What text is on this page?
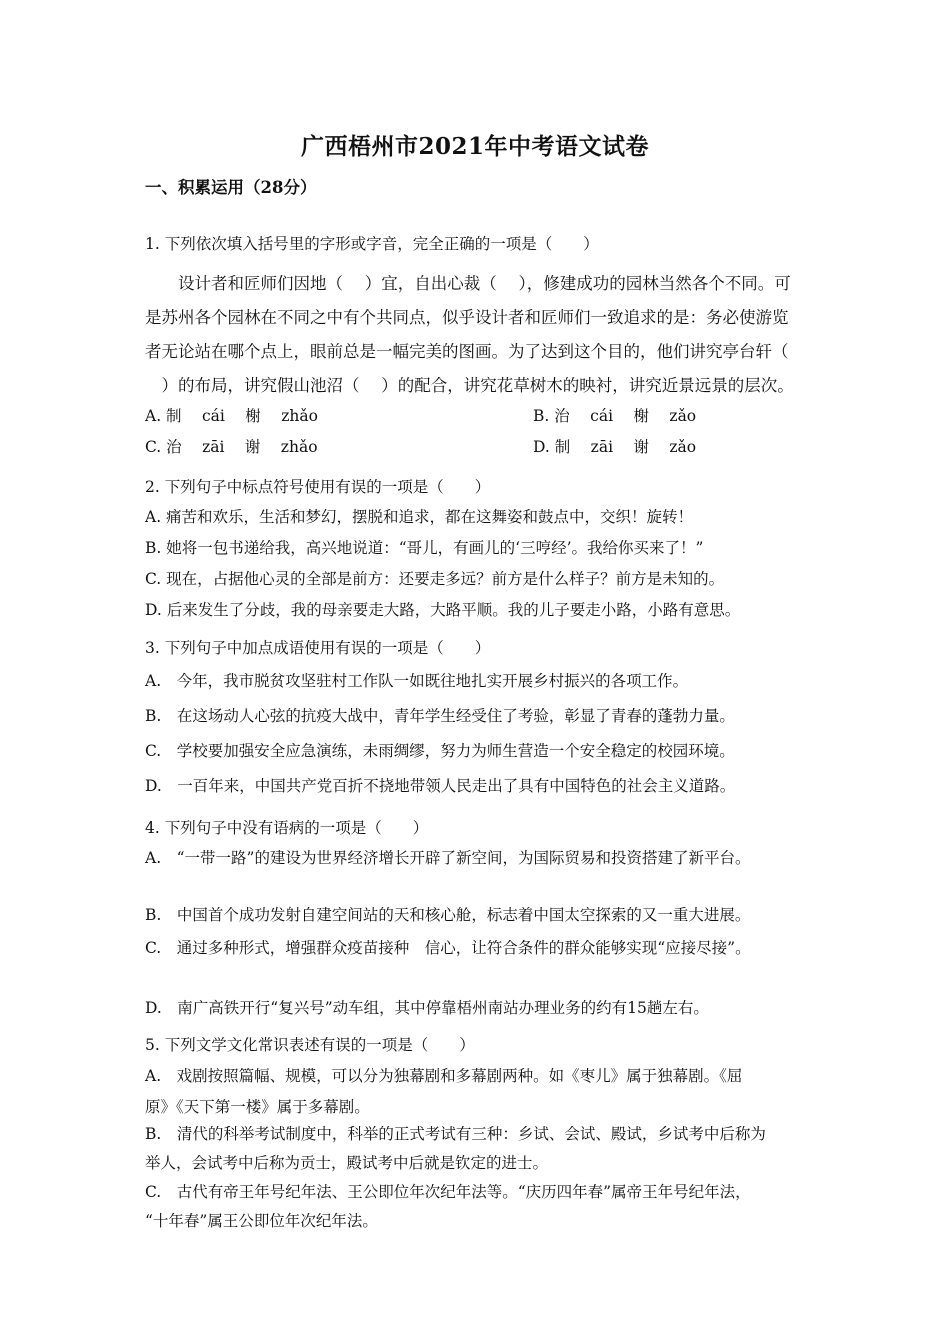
广西梧州市2021年中考语文试卷
一、积累运用（28分）
1. 下列依次填入括号里的字形或字音，完全正确的一项是（　　）
　　设计者和匠师们因地（　 ）宜，自出心裁（　 ），修建成功的园林当然各个不同。可
是苏州各个园林在不同之中有个共同点，似乎设计者和匠师们一致追求的是：务必使游览
者无论站在哪个点上，眼前总是一幅完美的图画。为了达到这个目的，他们讲究亭台轩（
　）的布局，讲究假山池沼（　 ）的配合，讲究花草树木的映衬，讲究近景远景的层次。
A. 制　 cái　 榭　 zhǎo	B. 治　 cái　 榭　 zǎo
C. 治　 zāi　 谢　 zhǎo	D. 制　 zāi　 谢　 zǎo
2. 下列句子中标点符号使用有误的一项是（　　）
A. 痛苦和欢乐，生活和梦幻，摆脱和追求，都在这舞姿和鼓点中，交织！旋转！
B. 她将一包书递给我，高兴地说道：“哥儿，有画儿的‘三哼经’。我给你买来了！”
C. 现在，占据他心灵的全部是前方：还要走多远？前方是什么样子？前方是未知的。
D. 后来发生了分歧，我的母亲要走大路，大路平顺。我的儿子要走小路，小路有意思。
3. 下列句子中加点成语使用有误的一项是（　　）
A.　今年，我市脱贫攻坚驻村工作队一如既往地扎实开展乡村振兴的各项工作。
B.　在这场动人心弦的抗疫大战中，青年学生经受住了考验，彰显了青春的蓬勃力量。
C.　学校要加强安全应急演练，未雨绸缪，努力为师生营造一个安全稳定的校园环境。
D.　一百年来，中国共产党百折不挠地带领人民走出了具有中国特色的社会主义道路。
4. 下列句子中没有语病的一项是（　　）
A.　“一带一路”的建设为世界经济增长开辟了新空间，为国际贸易和投资搭建了新平台。
B.　中国首个成功发射自建空间站的天和核心舱，标志着中国太空探索的又一重大进展。
C.　通过多种形式，增强群众疫苗接种　信心，让符合条件的群众能够实现“应接尽接”。
D.　南广高铁开行“复兴号”动车组，其中停靠梧州南站办理业务的约有15趟左右。
5. 下列文学文化常识表述有误的一项是（　　）
A.　戏剧按照篇幅、规模，可以分为独幕剧和多幕剧两种。如《枣儿》属于独幕剧。《屈
原》《天下第一楼》属于多幕剧。
B.　清代的科举考试制度中，科举的正式考试有三种：乡试、会试、殿试，乡试考中后称为
举人，会试考中后称为贡士，殿试考中后就是钦定的进士。
C.　古代有帝王年号纪年法、王公即位年次纪年法等。“庆历四年春”属帝王年号纪年法，
“十年春”属王公即位年次纪年法。
